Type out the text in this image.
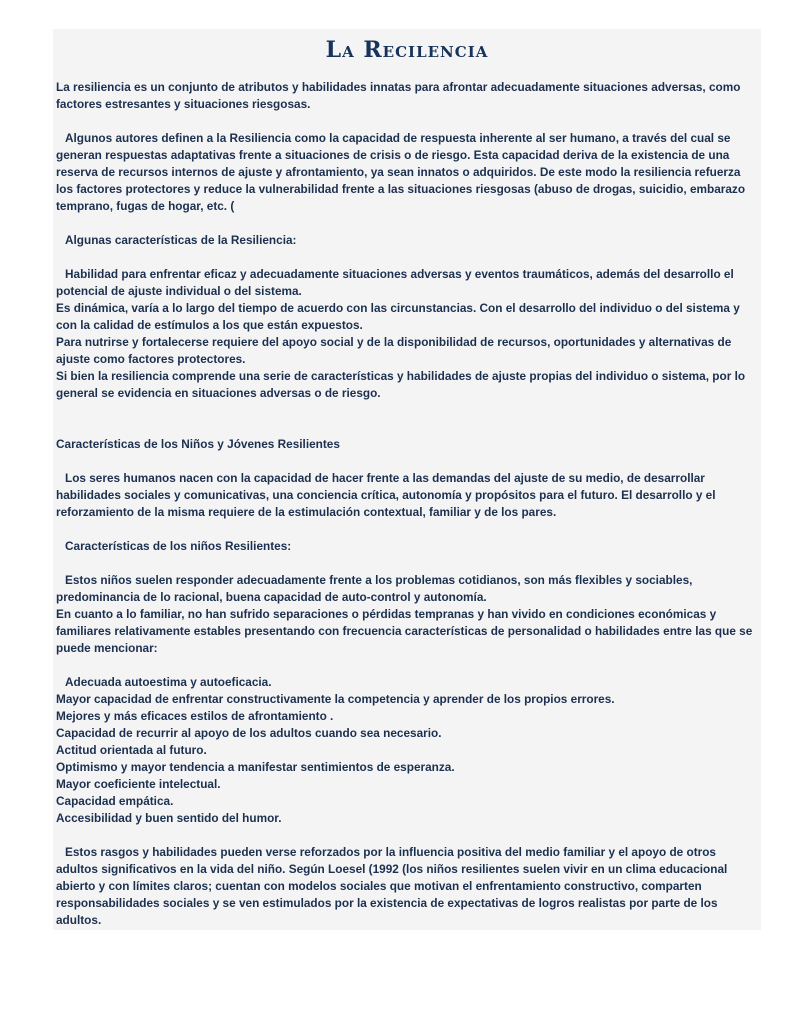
La Recilencia
La resiliencia es un conjunto de atributos y habilidades innatas para afrontar adecuadamente situaciones adversas, como factores estresantes y situaciones riesgosas.
Algunos autores definen a la Resiliencia como la capacidad de respuesta inherente al ser humano, a través del cual se generan respuestas adaptativas frente a situaciones de crisis o de riesgo. Esta capacidad deriva de la existencia de una reserva de recursos internos de ajuste y afrontamiento, ya sean innatos o adquiridos. De este modo la resiliencia refuerza los factores protectores y reduce la vulnerabilidad frente a las situaciones riesgosas (abuso de drogas, suicidio, embarazo temprano, fugas de hogar, etc. (
Algunas características de la Resiliencia:
Habilidad para enfrentar eficaz y adecuadamente situaciones adversas y eventos traumáticos, además del desarrollo el potencial de ajuste individual o del sistema.
Es dinámica, varía a lo largo del tiempo de acuerdo con las circunstancias. Con el desarrollo del individuo o del sistema y con la calidad de estímulos a los que están expuestos.
Para nutrirse y fortalecerse requiere del apoyo social y de la disponibilidad de recursos, oportunidades y alternativas de ajuste como factores protectores.
Si bien la resiliencia comprende una serie de características y habilidades de ajuste propias del individuo o sistema, por lo general se evidencia en situaciones adversas o de riesgo.
Características de los Niños y Jóvenes Resilientes
Los seres humanos nacen con la capacidad de hacer frente a las demandas del ajuste de su medio, de desarrollar habilidades sociales y comunicativas, una conciencia crítica, autonomía y propósitos para el futuro. El desarrollo y el reforzamiento de la misma requiere de la estimulación contextual, familiar y de los pares.
Características de los niños Resilientes:
Estos niños suelen responder adecuadamente frente a los problemas cotidianos, son más flexibles y sociables, predominancia de lo racional, buena capacidad de auto-control y autonomía.
En cuanto a lo familiar, no han sufrido separaciones o pérdidas tempranas y han vivido en condiciones económicas y familiares relativamente estables presentando con frecuencia características de personalidad o habilidades entre las que se puede mencionar:
Adecuada autoestima y autoeficacia.
Mayor capacidad de enfrentar constructivamente la competencia y aprender de los propios errores.
Mejores y más eficaces estilos de afrontamiento .
Capacidad de recurrir al apoyo de los adultos cuando sea necesario.
Actitud orientada al futuro.
Optimismo y mayor tendencia a manifestar sentimientos de esperanza.
Mayor coeficiente intelectual.
Capacidad empática.
Accesibilidad y buen sentido del humor.
Estos rasgos y habilidades pueden verse reforzados por la influencia positiva del medio familiar y el apoyo de otros adultos significativos en la vida del niño. Según Loesel (1992 (los niños resilientes suelen vivir en un clima educacional abierto y con límites claros; cuentan con modelos sociales que motivan el enfrentamiento constructivo, comparten responsabilidades sociales y se ven estimulados por la existencia de expectativas de logros realistas por parte de los adultos.
